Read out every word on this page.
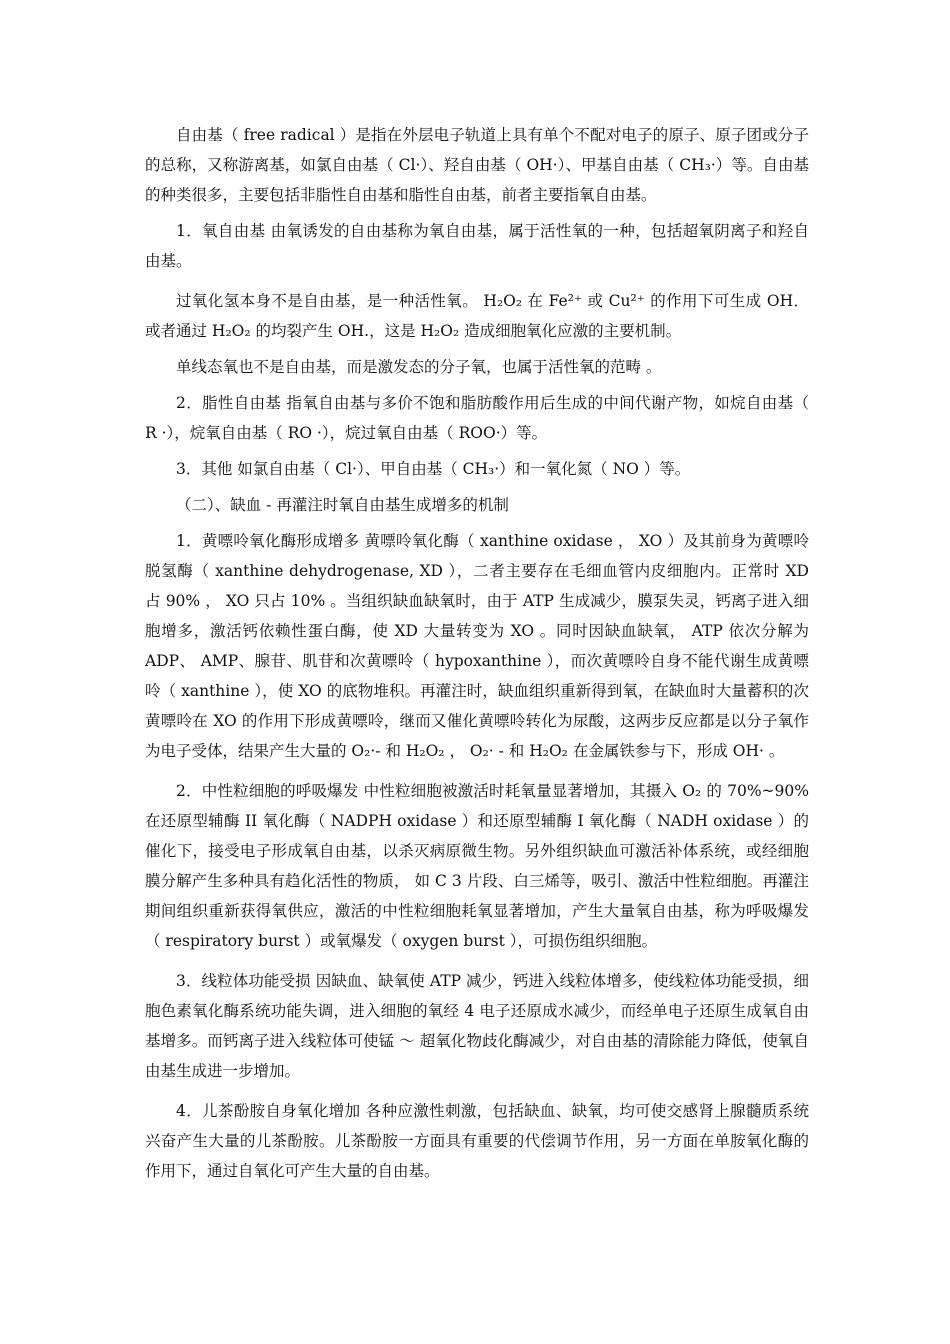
自由基（ free radical ）是指在外层电子轨道上具有单个不配对电子的原子、原子团或分子的总称，又称游离基，如氯自由基（ Cl·）、羟自由基（ OH·）、甲基自由基（ CH₃·）等。自由基的种类很多，主要包括非脂性自由基和脂性自由基，前者主要指氧自由基。

1．氧自由基 由氧诱发的自由基称为氧自由基，属于活性氧的一种，包括超氧阴离子和羟自由基。

过氧化氢本身不是自由基，是一种活性氧。 H₂O₂ 在 Fe²⁺ 或 Cu²⁺ 的作用下可生成 OH．或者通过 H₂O₂ 的均裂产生 OH.，这是 H₂O₂ 造成细胞氧化应激的主要机制。

单线态氧也不是自由基，而是激发态的分子氧，也属于活性氧的范畴 。

2．脂性自由基 指氧自由基与多价不饱和脂肪酸作用后生成的中间代谢产物，如烷自由基（ R ·），烷氧自由基（ RO ·），烷过氧自由基（ ROO·）等。

3．其他 如氯自由基（ Cl·）、甲自由基（ CH₃·）和一氧化氮（ NO ）等。

（二）、缺血 - 再灌注时氧自由基生成增多的机制

1．黄嘌呤氧化酶形成增多 黄嘌呤氧化酶（ xanthine oxidase ， XO ）及其前身为黄嘌呤脱氢酶（ xanthine dehydrogenase, XD ），二者主要存在毛细血管内皮细胞内。正常时 XD 占 90% ， XO 只占 10% 。当组织缺血缺氧时，由于 ATP 生成减少，膜泵失灵，钙离子进入细胞增多，激活钙依赖性蛋白酶，使 XD 大量转变为 XO 。同时因缺血缺氧， ATP 依次分解为 ADP、 AMP、腺苷、肌苷和次黄嘌呤（ hypoxanthine ），而次黄嘌呤自身不能代谢生成黄嘌呤（ xanthine ），使 XO 的底物堆积。再灌注时，缺血组织重新得到氧，在缺血时大量蓄积的次黄嘌呤在 XO 的作用下形成黄嘌呤，继而又催化黄嘌呤转化为尿酸，这两步反应都是以分子氧作为电子受体，结果产生大量的 O₂·- 和 H₂O₂ ， O₂· - 和 H₂O₂ 在金属铁参与下，形成 OH· 。

2．中性粒细胞的呼吸爆发 中性粒细胞被激活时耗氧量显著增加，其摄入 O₂ 的 70%~90% 在还原型辅酶 II 氧化酶（ NADPH oxidase ）和还原型辅酶 I 氧化酶（ NADH oxidase ）的催化下，接受电子形成氧自由基，以杀灭病原微生物。另外组织缺血可激活补体系统，或经细胞膜分解产生多种具有趋化活性的物质， 如 C 3 片段、白三烯等，吸引、激活中性粒细胞。再灌注期间组织重新获得氧供应，激活的中性粒细胞耗氧显著增加，产生大量氧自由基，称为呼吸爆发（ respiratory burst ）或氧爆发（ oxygen burst ），可损伤组织细胞。

3．线粒体功能受损 因缺血、缺氧使 ATP 减少，钙进入线粒体增多，使线粒体功能受损，细胞色素氧化酶系统功能失调，进入细胞的氧经 4 电子还原成水减少，而经单电子还原生成氧自由基增多。而钙离子进入线粒体可使锰 ～ 超氧化物歧化酶减少，对自由基的清除能力降低，使氧自由基生成进一步增加。

4．儿茶酚胺自身氧化增加 各种应激性刺激，包括缺血、缺氧，均可使交感肾上腺髓质系统兴奋产生大量的儿茶酚胺。儿茶酚胺一方面具有重要的代偿调节作用，另一方面在单胺氧化酶的作用下，通过自氧化可产生大量的自由基。
